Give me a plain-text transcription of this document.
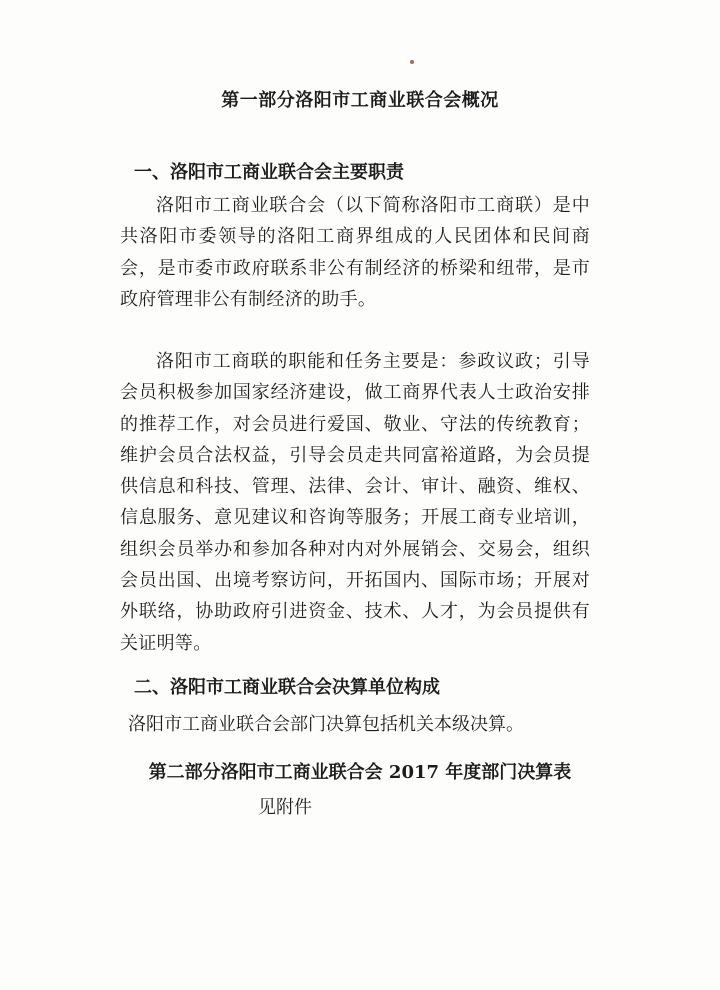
第一部分洛阳市工商业联合会概况
一、洛阳市工商业联合会主要职责
洛阳市工商业联合会（以下简称洛阳市工商联）是中共洛阳市委领导的洛阳工商界组成的人民团体和民间商会，是市委市政府联系非公有制经济的桥梁和纽带，是市政府管理非公有制经济的助手。
洛阳市工商联的职能和任务主要是：参政议政；引导会员积极参加国家经济建设，做工商界代表人士政治安排的推荐工作，对会员进行爱国、敬业、守法的传统教育；维护会员合法权益，引导会员走共同富裕道路，为会员提供信息和科技、管理、法律、会计、审计、融资、维权、信息服务、意见建议和咨询等服务；开展工商专业培训，组织会员举办和参加各种对内对外展销会、交易会，组织会员出国、出境考察访问，开拓国内、国际市场；开展对外联络，协助政府引进资金、技术、人才，为会员提供有关证明等。
二、洛阳市工商业联合会决算单位构成
洛阳市工商业联合会部门决算包括机关本级决算。
第二部分洛阳市工商业联合会 2017 年度部门决算表
见附件
